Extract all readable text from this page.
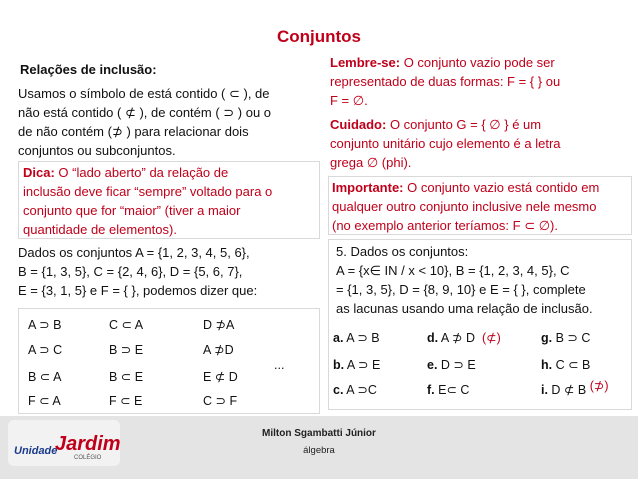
Conjuntos
Relações de inclusão:
Usamos o símbolo de está contido ( ⊂ ), de
não está contido ( ⊄ ), de contém ( ⊃ ) ou o
de não contém (⊅ ) para relacionar dois
conjuntos ou subconjuntos.
Dica: O “lado aberto” da relação de
inclusão deve ficar “sempre” voltado para o
conjunto que for “maior” (tiver a maior
quantidade de elementos).
Dados os conjuntos A = {1, 2, 3, 4, 5, 6},
B = {1, 3, 5}, C = {2, 4, 6}, D = {5, 6, 7},
E = {3, 1, 5} e F = { }, podemos dizer que:
A ⊃ B	C ⊂ A	D ⊅A
A ⊃ C	B ⊃ E	A ⊅D
B ⊂ A	B ⊂ E	E ⊄ D
F ⊂ A	F ⊂ E	C ⊃ F
...
Lembre-se: O conjunto vazio pode ser
representado de duas formas: F = { } ou
F = ∅.
Cuidado: O conjunto G = { ∅ } é um
conjunto unitário cujo elemento é a letra
grega ∅ (phi).
Importante: O conjunto vazio está contido em
qualquer outro conjunto inclusive nele mesmo
(no exemplo anterior teríamos: F ⊂ ∅).
5. Dados os conjuntos:
A = {x∈ IN / x < 10}, B = {1, 2, 3, 4, 5}, C
= {1, 3, 5}, D = {8, 9, 10} e E = { }, complete
as lacunas usando uma relação de inclusão.
a. A ⊃ B	d. A ⊅ D (⊄)	g. B ⊃ C
b. A ⊃ E	e. D ⊃ E	h. C ⊂ B
c. A ⊃C	f. E⊂ C	i. D ⊄ B (⊅)
Unidade
Jardim
COLÉGIO
Milton Sgambatti Júnior
álgebra
